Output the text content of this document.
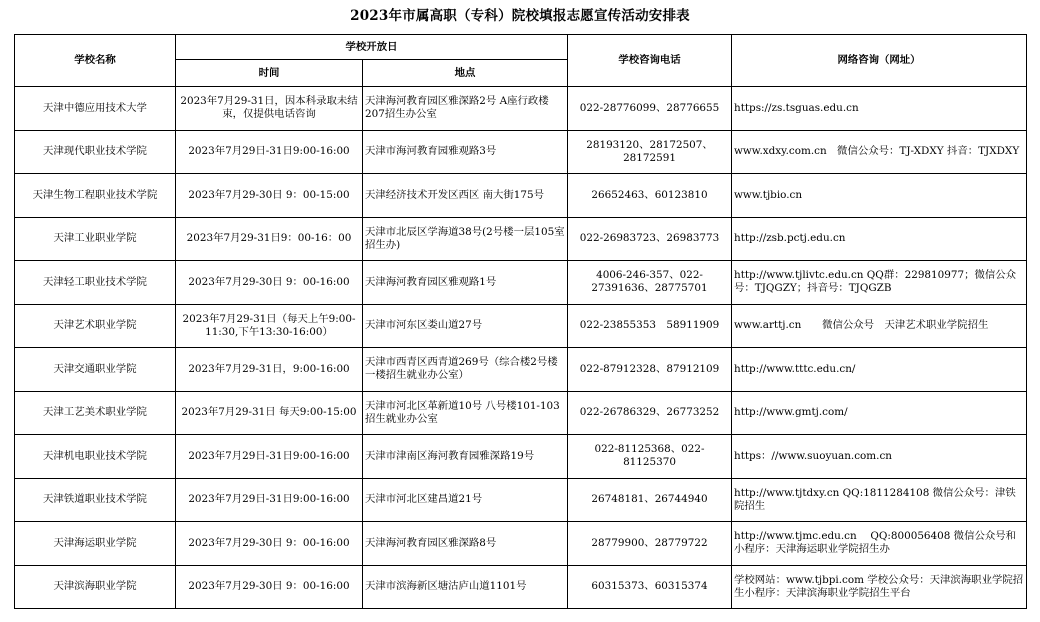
2023年市属高职（专科）院校填报志愿宣传活动安排表
学校名称	学校开放日		学校咨询电话	网络咨询（网址）
	时间	地点		
天津中德应用技术大学	2023年7月29-31日，因本科录取未结束，仅提供电话咨询	天津海河教育园区雅深路2号 A座行政楼207招生办公室	022-28776099、28776655	https://zs.tsguas.edu.cn
天津现代职业技术学院	2023年7月29日-31日9:00-16:00	天津市海河教育园雅观路3号	28193120、28172507、28172591	www.xdxy.com.cn　微信公众号：TJ-XDXY 抖音：TJXDXY
天津生物工程职业技术学院	2023年7月29-30日 9：00-15:00	天津经济技术开发区西区 南大街175号	26652463、60123810	www.tjbio.cn
天津工业职业学院	2023年7月29-31日9：00-16：00	天津市北辰区学海道38号(2号楼一层105室招生办)	022-26983723、26983773	http://zsb.pctj.edu.cn
天津轻工职业技术学院	2023年7月29-30日 9：00-16:00	天津海河教育园区雅观路1号	4006-246-357、022-27391636、28775701	http://www.tjlivtc.edu.cn QQ群：229810977；微信公众号：TJQGZY；抖音号：TJQGZB
天津艺术职业学院	2023年7月29-31日（每天上午9:00-11:30,下午13:30-16:00）	天津市河东区娄山道27号	022-23855353　58911909	www.arttj.cn　　微信公众号　天津艺术职业学院招生
天津交通职业学院	2023年7月29-31日，9:00-16:00	天津市西青区西青道269号（综合楼2号楼一楼招生就业办公室）	022-87912328、87912109	http://www.tttc.edu.cn/
天津工艺美术职业学院	2023年7月29-31日 每天9:00-15:00	天津市河北区革新道10号 八号楼101-103招生就业办公室	022-26786329、26773252	http://www.gmtj.com/
天津机电职业技术学院	2023年7月29日-31日9:00-16:00	天津市津南区海河教育园雅深路19号	022-81125368、022-81125370	https：//www.suoyuan.com.cn
天津铁道职业技术学院	2023年7月29日-31日9:00-16:00	天津市河北区建昌道21号	26748181、26744940	http://www.tjtdxy.cn QQ:1811284108 微信公众号：津铁院招生
天津海运职业学院	2023年7月29-30日 9：00-16:00	天津海河教育园区雅深路8号	28779900、28779722	http://www.tjmc.edu.cn　 QQ:800056408 微信公众号和小程序：天津海运职业学院招生办
天津滨海职业学院	2023年7月29-30日 9：00-16:00	天津市滨海新区塘沽庐山道1101号	60315373、60315374	学校网站：www.tjbpi.com 学校公众号：天津滨海职业学院招生小程序：天津滨海职业学院招生平台
